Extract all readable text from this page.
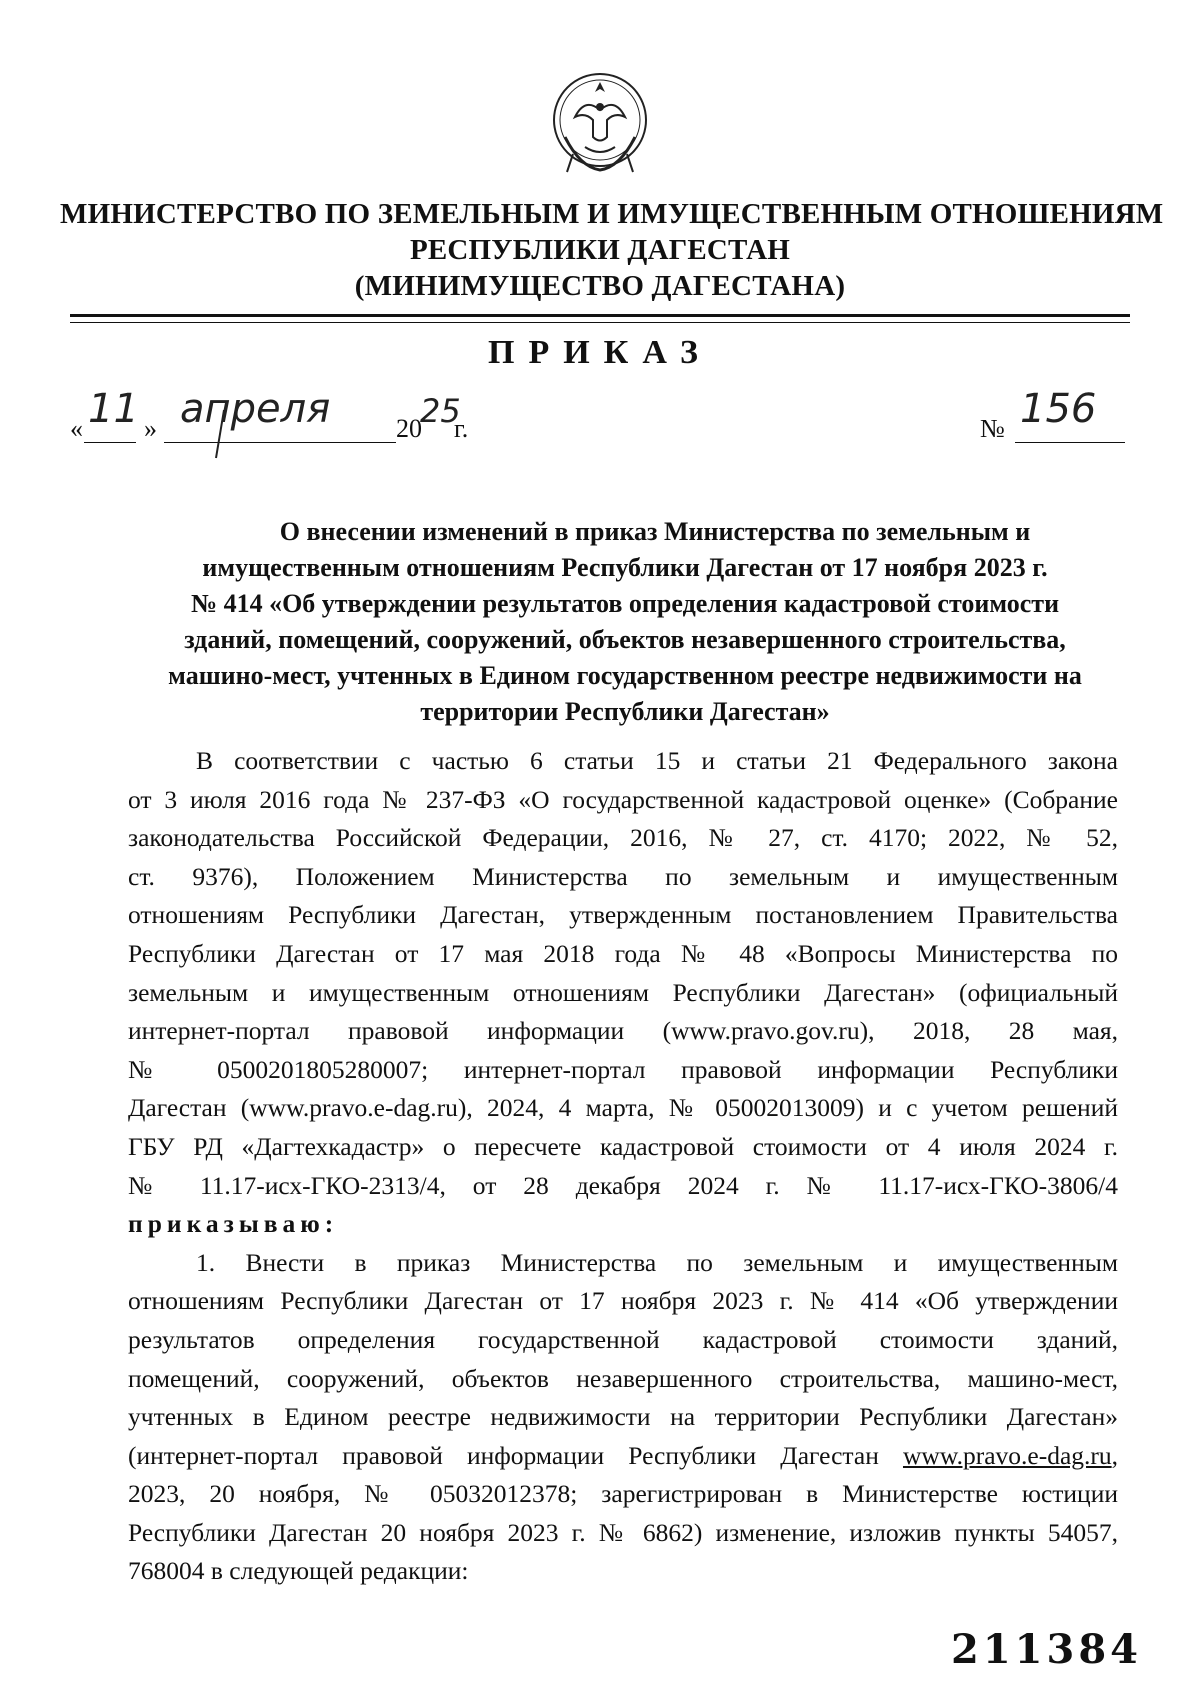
МИНИСТЕРСТВО ПО ЗЕМЕЛЬНЫМ И ИМУЩЕСТВЕННЫМ ОТНОШЕНИЯМ
РЕСПУБЛИКИ ДАГЕСТАН
(МИНИМУЩЕСТВО ДАГЕСТАНА)
ПРИКАЗ
« 11 » апреля	20
25
г.	№ 156
О внесении изменений в приказ Министерства по земельным и
имущественным отношениям Республики Дагестан от 17 ноября 2023 г.
№ 414 «Об утверждении результатов определения кадастровой стоимости
зданий, помещений, сооружений, объектов незавершенного строительства,
машино-мест, учтенных в Едином государственном реестре недвижимости на
территории Республики Дагестан»
В соответствии с частью 6 статьи 15 и статьи 21 Федерального закона
от 3 июля 2016 года № 237-ФЗ «О государственной кадастровой оценке» (Собрание
законодательства Российской Федерации, 2016, № 27, ст. 4170; 2022, № 52,
ст. 9376), Положением Министерства по земельным и имущественным
отношениям Республики Дагестан, утвержденным постановлением Правительства
Республики Дагестан от 17 мая 2018 года № 48 «Вопросы Министерства по
земельным и имущественным отношениям Республики Дагестан» (официальный
интернет-портал правовой информации (www.pravo.gov.ru), 2018, 28 мая,
№ 0500201805280007; интернет-портал правовой информации Республики
Дагестан (www.pravo.e-dag.ru), 2024, 4 марта, № 05002013009) и с учетом решений
ГБУ РД «Дагтехкадастр» о пересчете кадастровой стоимости от 4 июля 2024 г.
№ 11.17-исх-ГКО-2313/4, от 28 декабря 2024 г. № 11.17-исх-ГКО-3806/4
приказываю:
1. Внести в приказ Министерства по земельным и имущественным
отношениям Республики Дагестан от 17 ноября 2023 г. № 414 «Об утверждении
результатов определения государственной кадастровой стоимости зданий,
помещений, сооружений, объектов незавершенного строительства, машино-мест,
учтенных в Едином реестре недвижимости на территории Республики Дагестан»
(интернет-портал правовой информации Республики Дагестан www.pravo.e-dag.ru,
2023, 20 ноября, № 05032012378; зарегистрирован в Министерстве юстиции
Республики Дагестан 20 ноября 2023 г. № 6862) изменение, изложив пункты 54057,
768004 в следующей редакции:
211384
